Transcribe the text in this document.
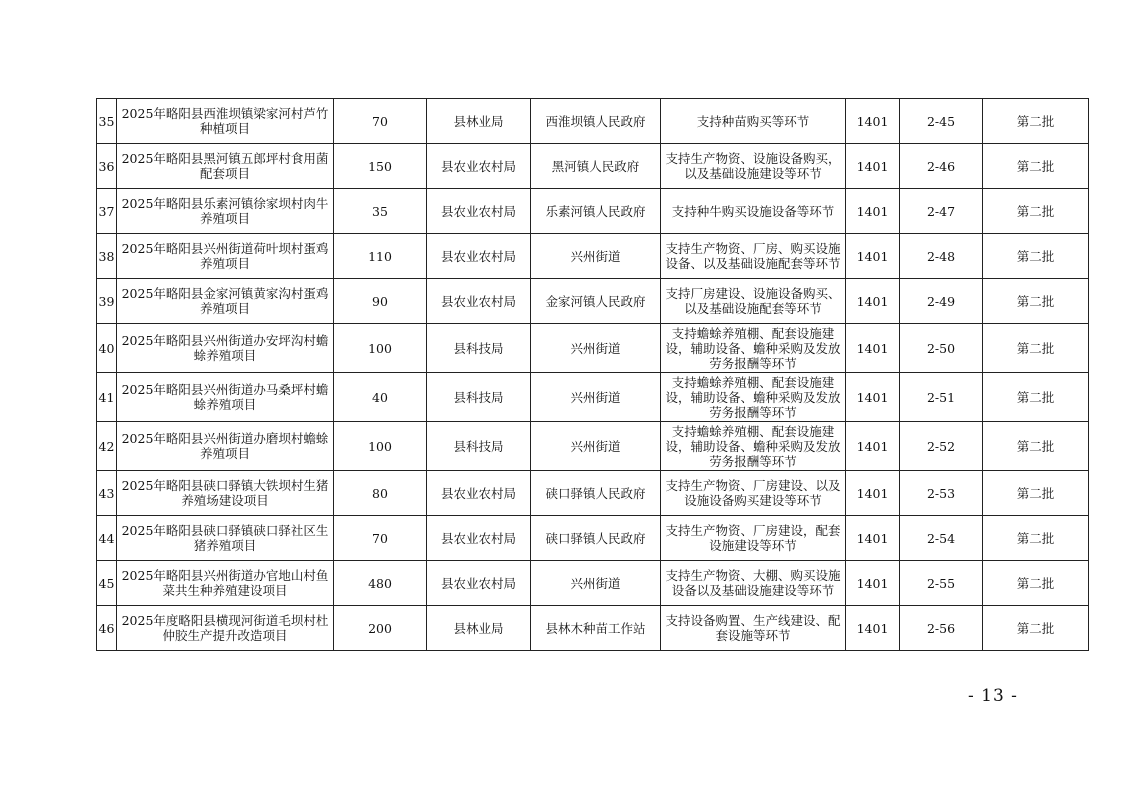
35	2025年略阳县西淮坝镇梁家河村芦竹种植项目	70	县林业局	西淮坝镇人民政府	支持种苗购买等环节	1401	2-45	第二批
36	2025年略阳县黑河镇五郎坪村食用菌配套项目	150	县农业农村局	黑河镇人民政府	支持生产物资、设施设备购买，以及基础设施建设等环节	1401	2-46	第二批
37	2025年略阳县乐素河镇徐家坝村肉牛养殖项目	35	县农业农村局	乐素河镇人民政府	支持种牛购买设施设备等环节	1401	2-47	第二批
38	2025年略阳县兴州街道荷叶坝村蛋鸡养殖项目	110	县农业农村局	兴州街道	支持生产物资、厂房、购买设施设备、以及基础设施配套等环节	1401	2-48	第二批
39	2025年略阳县金家河镇黄家沟村蛋鸡养殖项目	90	县农业农村局	金家河镇人民政府	支持厂房建设、设施设备购买、以及基础设施配套等环节	1401	2-49	第二批
40	2025年略阳县兴州街道办安坪沟村蟾蜍养殖项目	100	县科技局	兴州街道	支持蟾蜍养殖棚、配套设施建设，辅助设备、蟾种采购及发放劳务报酬等环节	1401	2-50	第二批
41	2025年略阳县兴州街道办马桑坪村蟾蜍养殖项目	40	县科技局	兴州街道	支持蟾蜍养殖棚、配套设施建设，辅助设备、蟾种采购及发放劳务报酬等环节	1401	2-51	第二批
42	2025年略阳县兴州街道办磨坝村蟾蜍养殖项目	100	县科技局	兴州街道	支持蟾蜍养殖棚、配套设施建设，辅助设备、蟾种采购及发放劳务报酬等环节	1401	2-52	第二批
43	2025年略阳县硖口驿镇大铁坝村生猪养殖场建设项目	80	县农业农村局	硖口驿镇人民政府	支持生产物资、厂房建设、以及设施设备购买建设等环节	1401	2-53	第二批
44	2025年略阳县硖口驿镇硖口驿社区生猪养殖项目	70	县农业农村局	硖口驿镇人民政府	支持生产物资、厂房建设，配套设施建设等环节	1401	2-54	第二批
45	2025年略阳县兴州街道办官地山村鱼菜共生种养殖建设项目	480	县农业农村局	兴州街道	支持生产物资、大棚、购买设施设备以及基础设施建设等环节	1401	2-55	第二批
46	2025年度略阳县横现河街道毛坝村杜仲胶生产提升改造项目	200	县林业局	县林木种苗工作站	支持设备购置、生产线建设、配套设施等环节	1401	2-56	第二批
- 13 -
